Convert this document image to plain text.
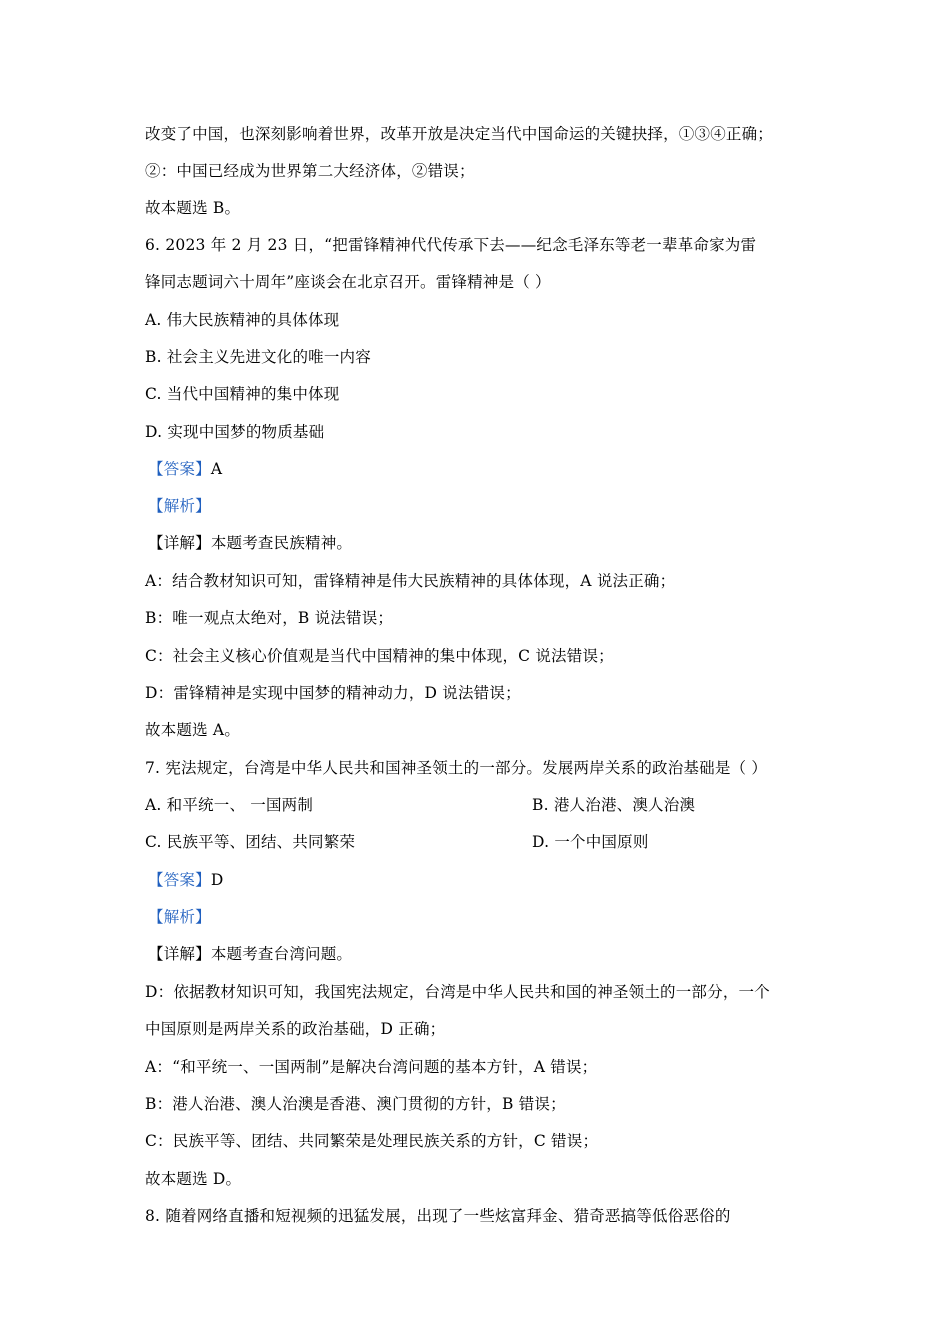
改变了中国，也深刻影响着世界，改革开放是决定当代中国命运的关键抉择，①③④正确；
②：中国已经成为世界第二大经济体，②错误；
故本题选 B。
6. 2023 年 2 月 23 日，“把雷锋精神代代传承下去——纪念毛泽东等老一辈革命家为雷
锋同志题词六十周年”座谈会在北京召开。雷锋精神是（ ）
A. 伟大民族精神的具体体现
B. 社会主义先进文化的唯一内容
C. 当代中国精神的集中体现
D. 实现中国梦的物质基础
【答案】A
【解析】
【详解】本题考查民族精神。
A：结合教材知识可知，雷锋精神是伟大民族精神的具体体现，A 说法正确；
B：唯一观点太绝对，B 说法错误；
C：社会主义核心价值观是当代中国精神的集中体现，C 说法错误；
D：雷锋精神是实现中国梦的精神动力，D 说法错误；
故本题选 A。
7. 宪法规定，台湾是中华人民共和国神圣领土的一部分。发展两岸关系的政治基础是（ ）
A. 和平统一、 一国两制	B. 港人治港、澳人治澳
C. 民族平等、团结、共同繁荣	D. 一个中国原则
【答案】D
【解析】
【详解】本题考查台湾问题。
D：依据教材知识可知，我国宪法规定，台湾是中华人民共和国的神圣领土的一部分，一个
中国原则是两岸关系的政治基础，D 正确；
A：“和平统一、一国两制”是解决台湾问题的基本方针，A 错误；
B：港人治港、澳人治澳是香港、澳门贯彻的方针，B 错误；
C：民族平等、团结、共同繁荣是处理民族关系的方针，C 错误；
故本题选 D。
8. 随着网络直播和短视频的迅猛发展，出现了一些炫富拜金、猎奇恶搞等低俗恶俗的
